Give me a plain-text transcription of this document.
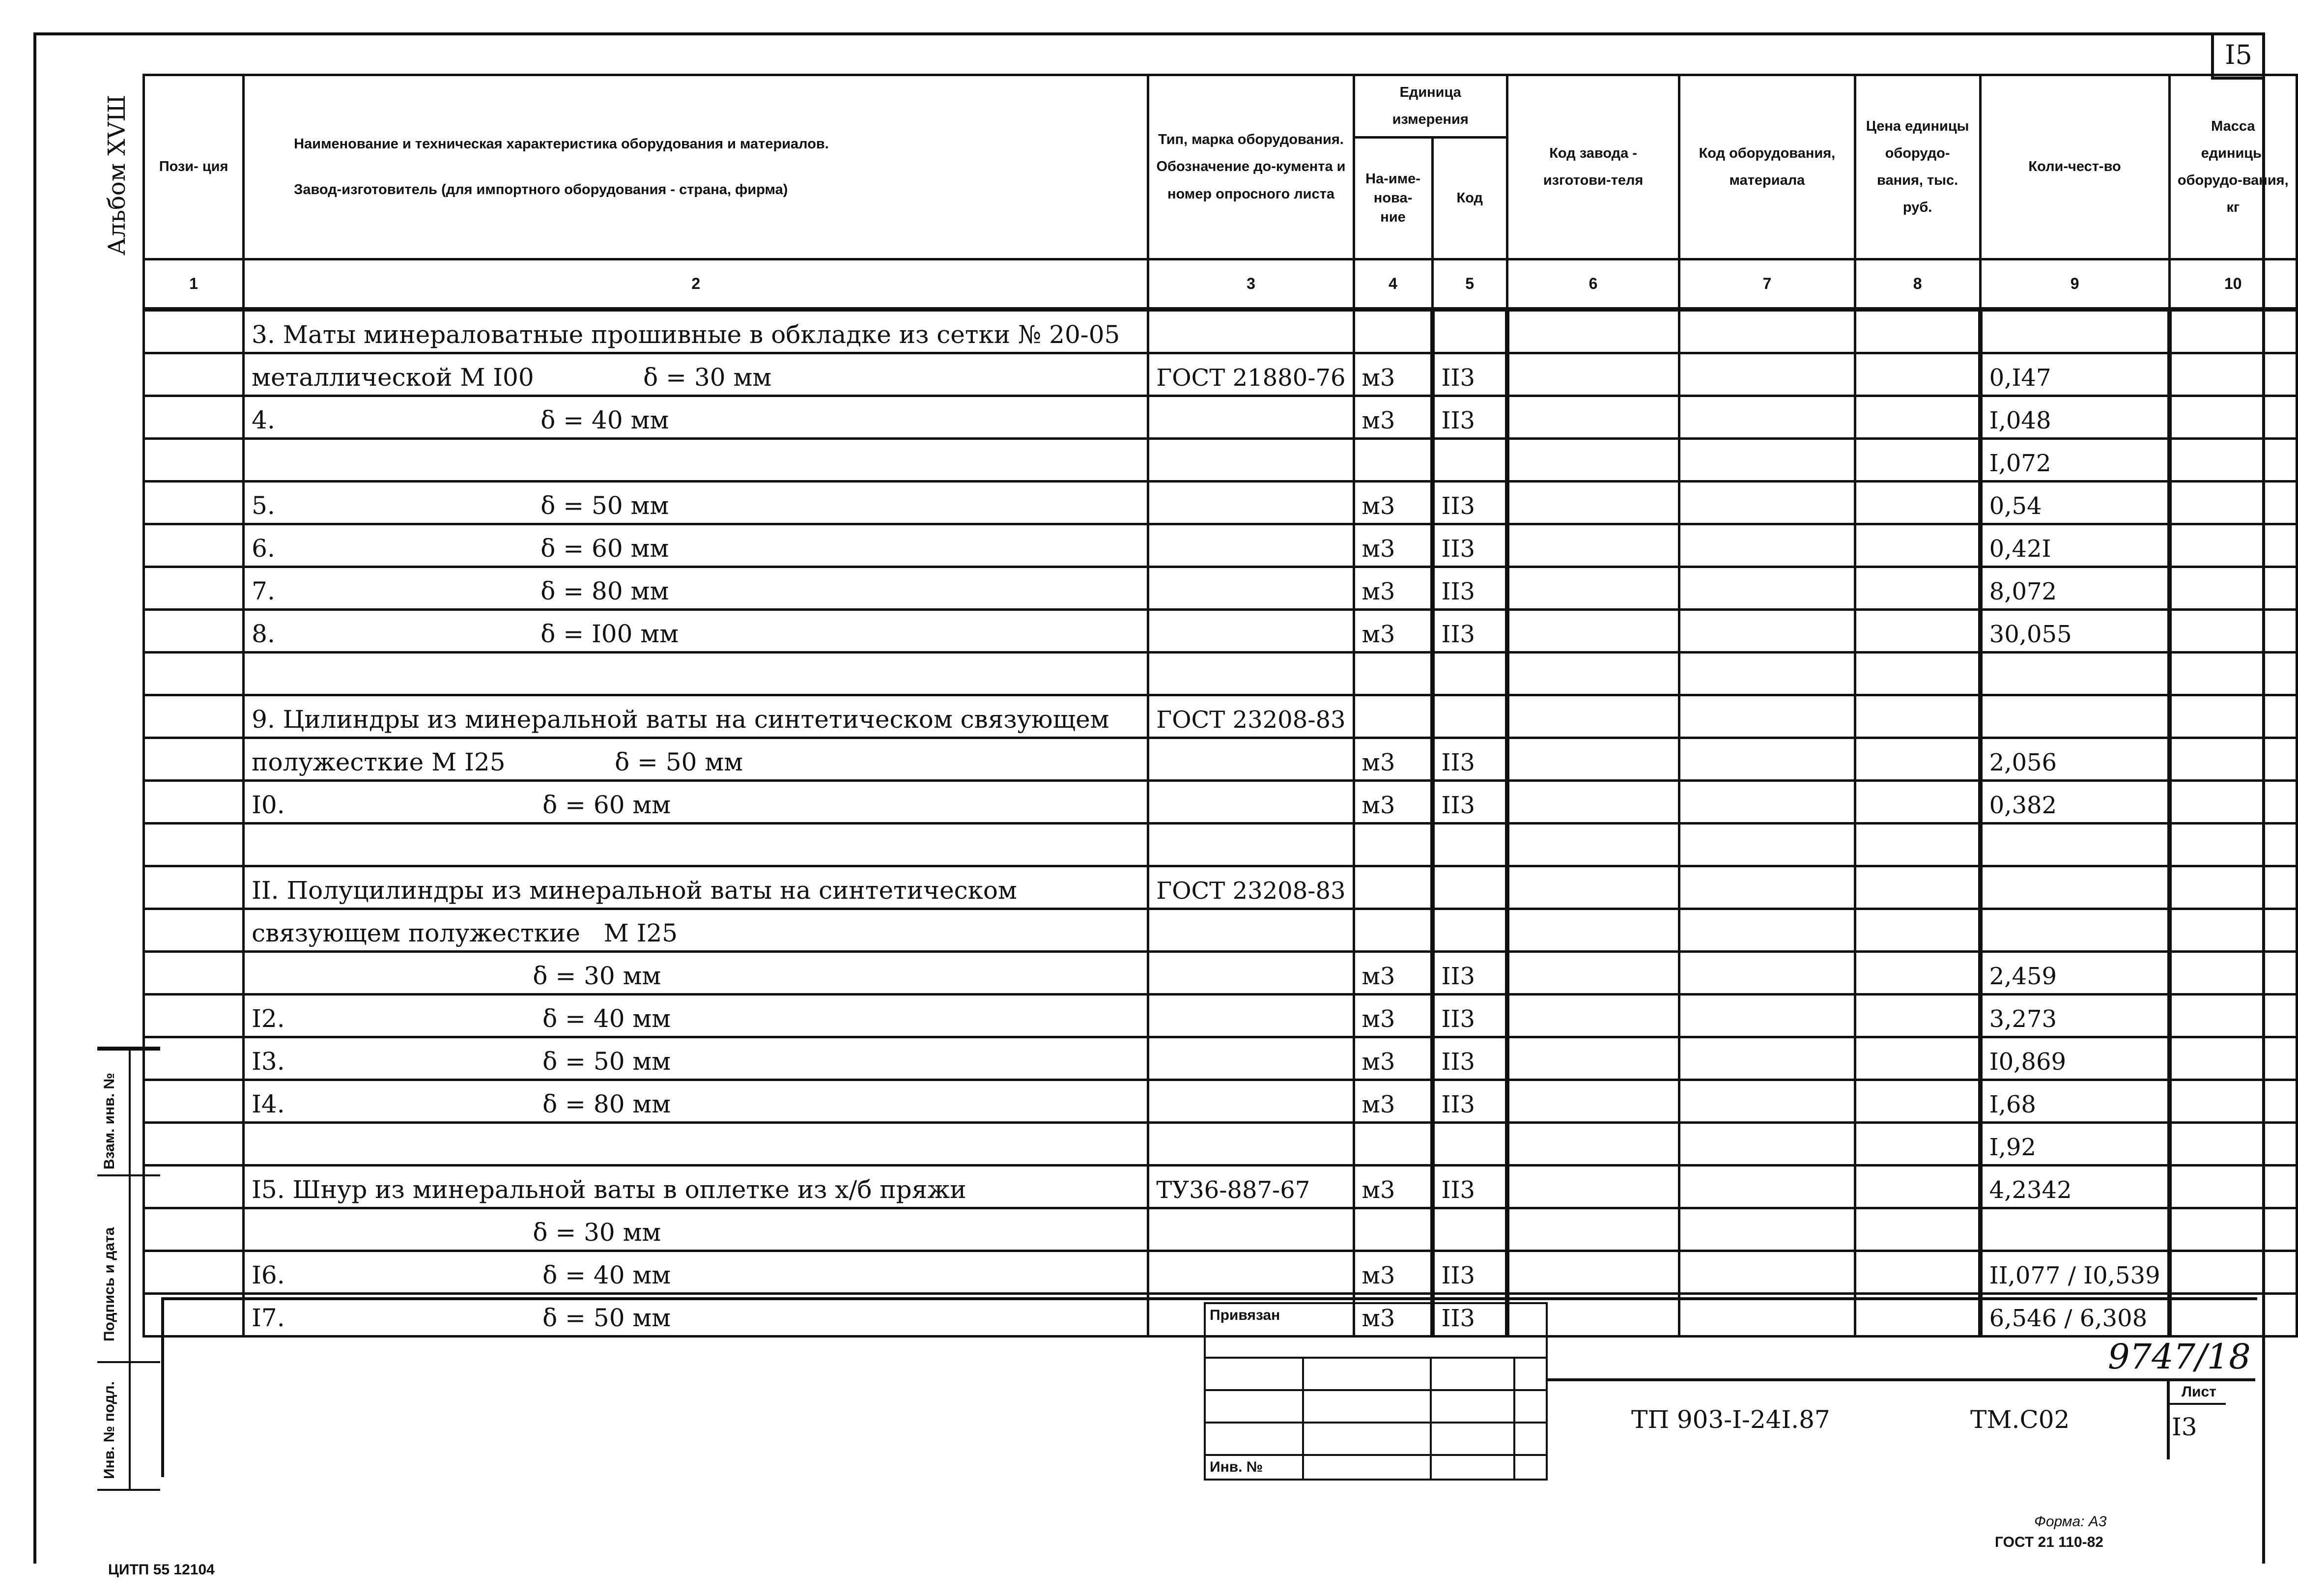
I5
Альбом XVШ Пози- ция	Наименование и техническая характеристика оборудования и материалов.
Завод-изготовитель (для импортного оборудования - страна, фирма)	Тип, марка оборудования. Обозначение до-кумента и номер опросного листа	Единица измерения		Код завода - изготови-теля	Код оборудования, материала	Цена единицы оборудо-вания, тыс. руб.	Коли-чест-во	Масса единицы оборудо-вания, кг
			На-име-нова-ние	Код					
1	2	3	4	5	6	7	8	9	10
	3. Маты минераловатные прошивные в обкладке из сетки № 20-05								
	металлической М I00              δ = 30 мм	ГОСТ 21880-76	м3	II3				0,I47	
	4.                                  δ = 40 мм		м3	II3				I,048	
								I,072	
	5.                                  δ = 50 мм		м3	II3				0,54	
	6.                                  δ = 60 мм		м3	II3				0,42I	
	7.                                  δ = 80 мм		м3	II3				8,072	
	8.                                  δ = I00 мм		м3	II3				30,055	

	9. Цилиндры из минеральной ваты на синтетическом связующем	ГОСТ 23208-83							
	полужесткие М I25              δ = 50 мм		м3	II3				2,056	
	I0.                                 δ = 60 мм		м3	II3				0,382	

	II. Полуцилиндры из минеральной ваты на синтетическом	ГОСТ 23208-83							
	связующем полужесткие   М I25								
	δ = 30 мм		м3	II3				2,459	
	I2.                                 δ = 40 мм		м3	II3				3,273	
	I3.                                 δ = 50 мм		м3	II3				I0,869	
	I4.                                 δ = 80 мм		м3	II3				I,68	
								I,92	
	I5. Шнур из минеральной ваты в оплетке из х/б пряжи	ТУ36-887-67	м3	II3				4,2342	
	δ = 30 мм								
	I6.                                 δ = 40 мм		м3	II3				II,077 / I0,539	
	I7.                                 δ = 50 мм		м3	II3				6,546 / 6,308	
Взам. инв. №
Подпись и дата
Инв. № подл.
Привязан			

Инв. №			
ТП 903-I-24I.87	ТМ.С02
Лист
I3
9747/18
Форма: А3
ГОСТ 21 110-82
ЦИТП 55 12104
